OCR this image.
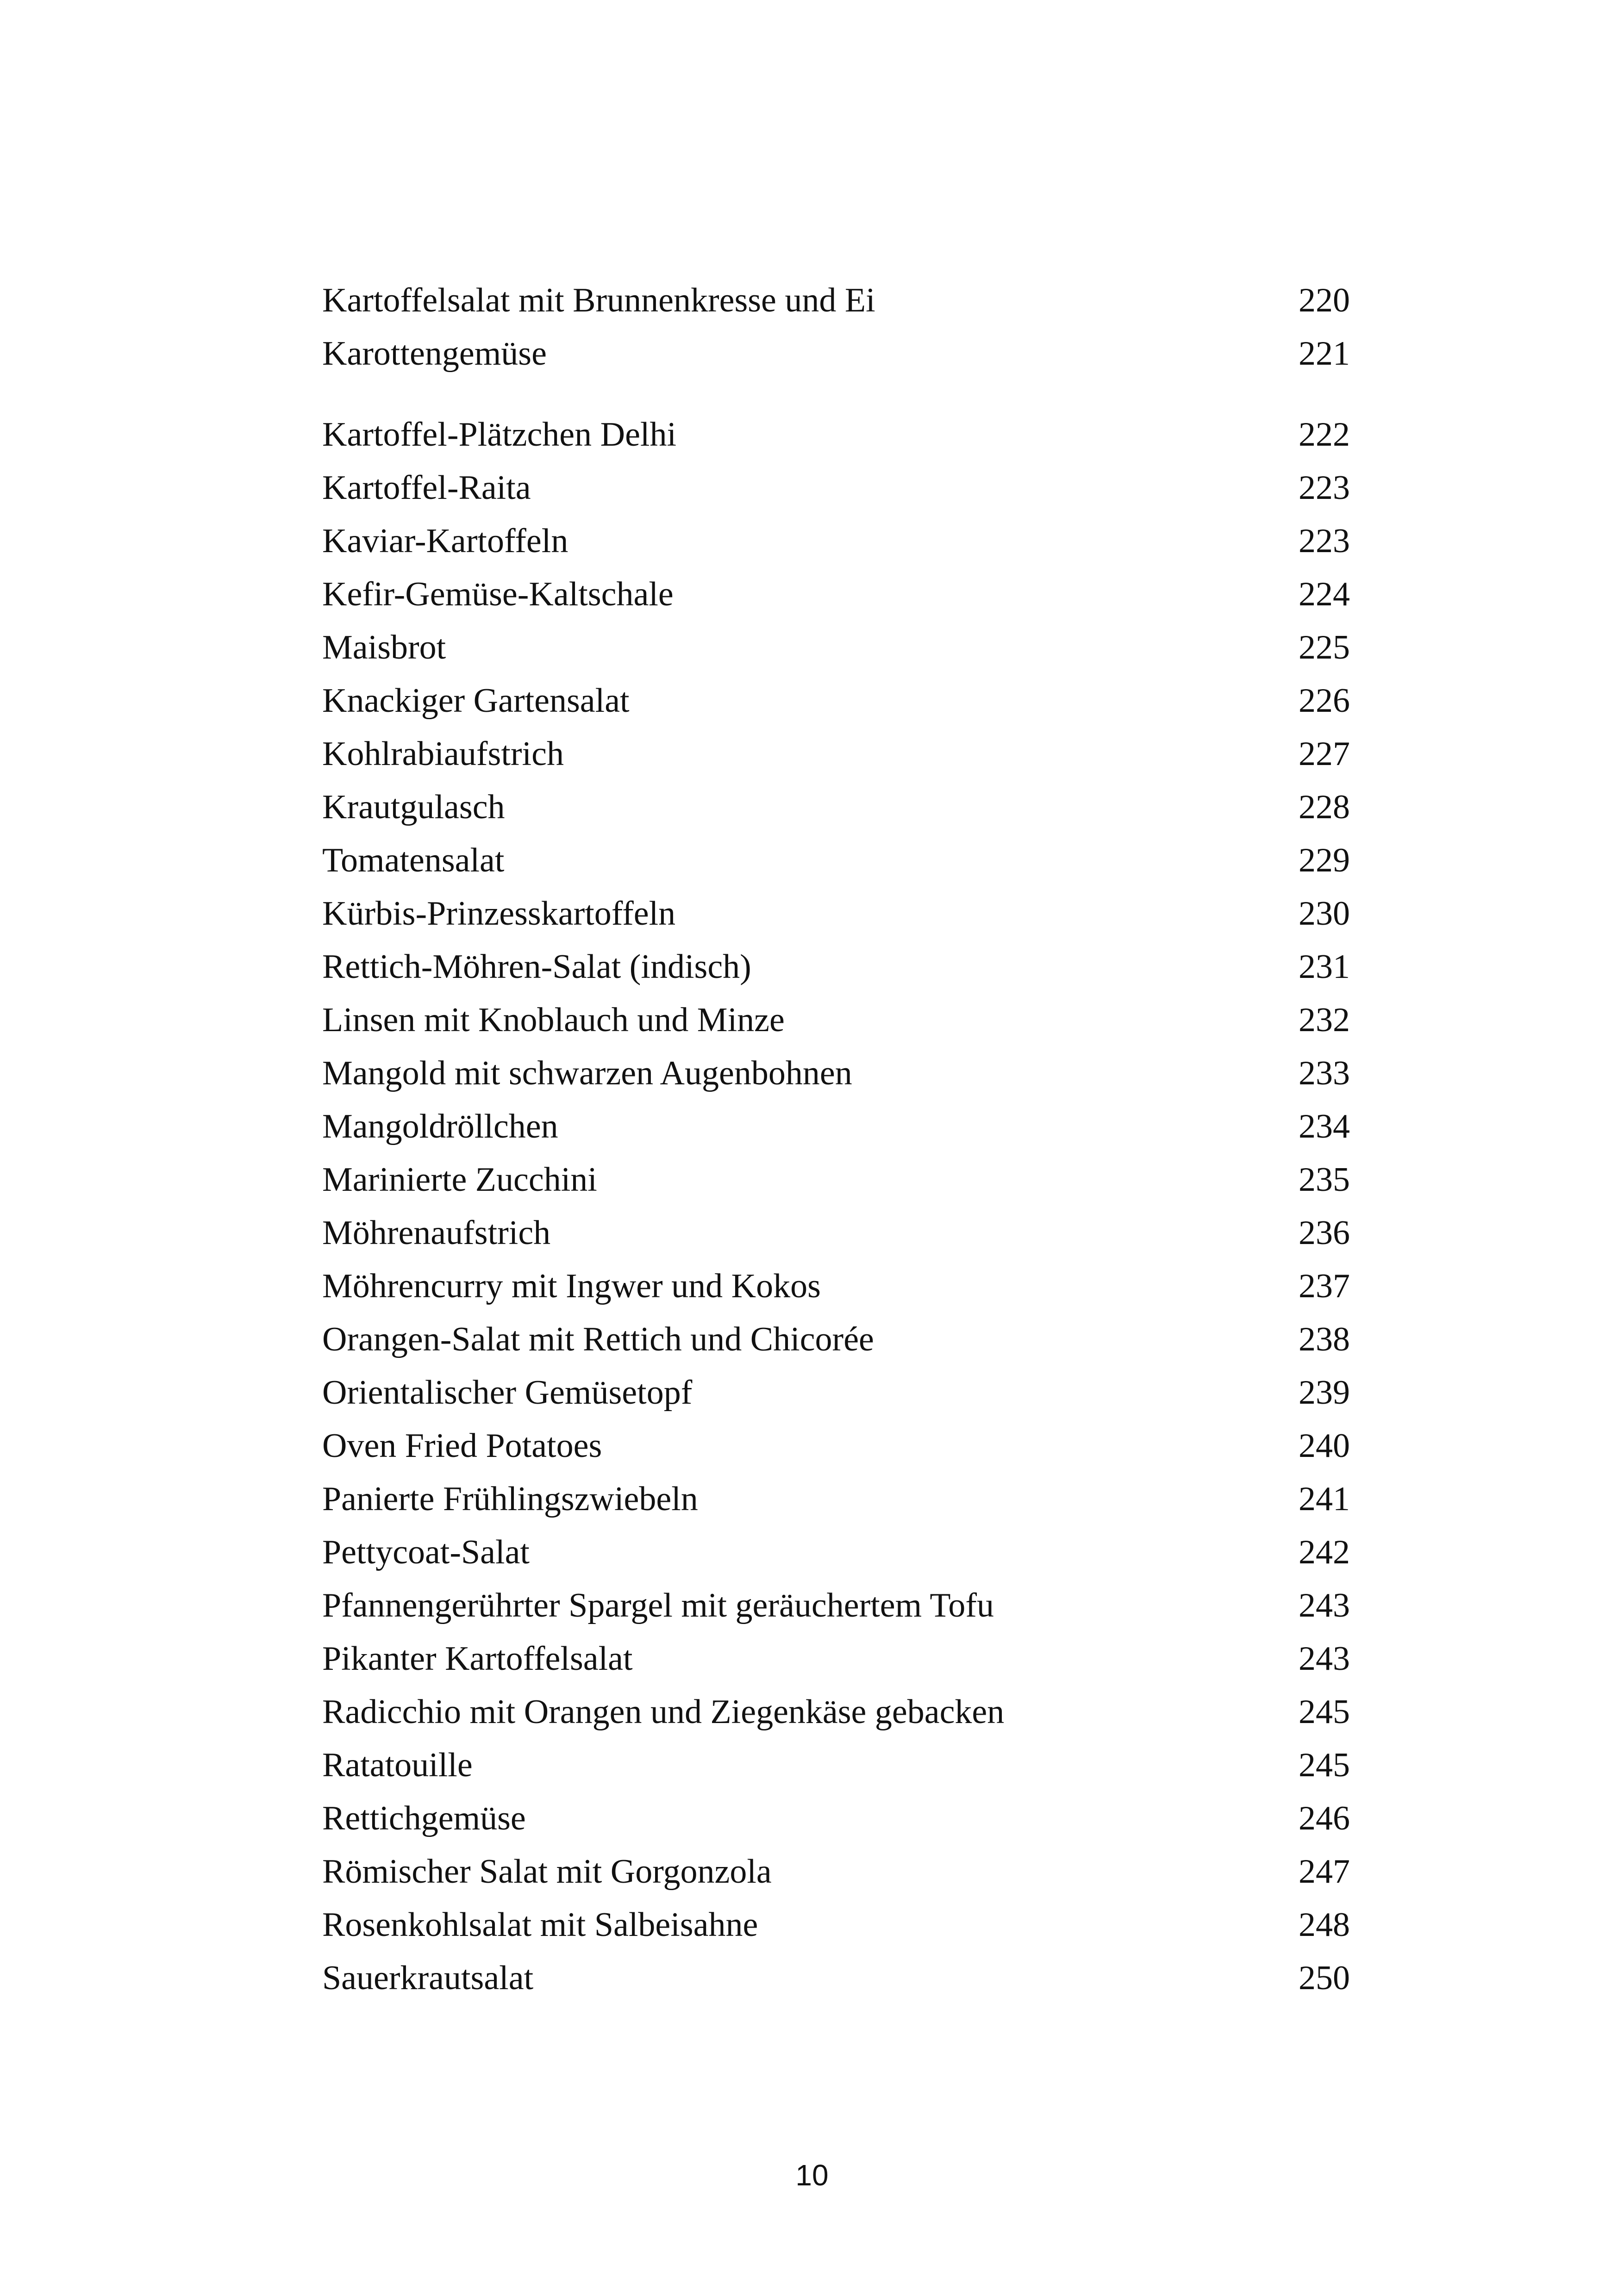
Kartoffelsalat mit Brunnenkresse und Ei	220
Karottengemüse	221
Kartoffel-Plätzchen Delhi	222
Kartoffel-Raita	223
Kaviar-Kartoffeln	223
Kefir-Gemüse-Kaltschale	224
Maisbrot	225
Knackiger Gartensalat	226
Kohlrabiaufstrich	227
Krautgulasch	228
Tomatensalat	229
Kürbis-Prinzesskartoffeln	230
Rettich-Möhren-Salat (indisch)	231
Linsen mit Knoblauch und Minze	232
Mangold mit schwarzen Augenbohnen	233
Mangoldröllchen	234
Marinierte Zucchini	235
Möhrenaufstrich	236
Möhrencurry mit Ingwer und Kokos	237
Orangen-Salat mit Rettich und Chicorée	238
Orientalischer Gemüsetopf	239
Oven Fried Potatoes	240
Panierte Frühlingszwiebeln	241
Pettycoat-Salat	242
Pfannengerührter Spargel mit geräuchertem Tofu	243
Pikanter Kartoffelsalat	243
Radicchio mit Orangen und Ziegenkäse gebacken	245
Ratatouille	245
Rettichgemüse	246
Römischer Salat mit Gorgonzola	247
Rosenkohlsalat mit Salbeisahne	248
Sauerkrautsalat	250
10
